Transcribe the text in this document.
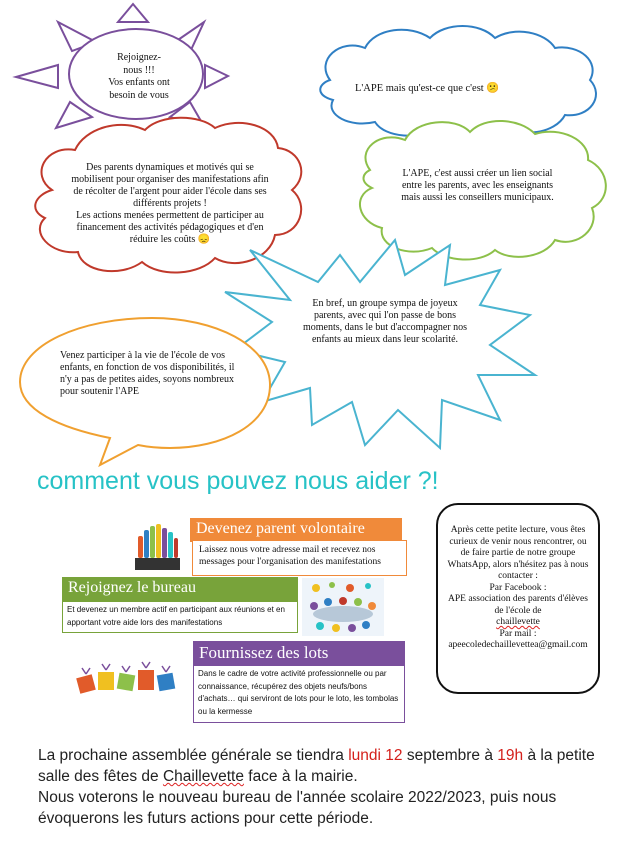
Rejoignez-
nous !!!
Vos enfants ont
besoin de vous
L'APE mais qu'est-ce que c'est 😕
Des parents dynamiques et motivés qui se mobilisent pour organiser des manifestations afin de récolter de l'argent pour aider l'école dans ses différents projets !
Les actions menées permettent de participer au financement des activités pédagogiques et d'en réduire les coûts 😞
L'APE, c'est aussi créer un lien social entre les parents, avec les enseignants mais aussi les conseillers municipaux.
En bref, un groupe sympa de joyeux parents, avec qui l'on passe de bons moments, dans le but d'accompagner nos enfants au mieux dans leur scolarité.
Venez participer à la vie de l'école de vos enfants, en fonction de vos disponibilités, il n'y a pas de petites aides, soyons nombreux pour soutenir l'APE
comment vous pouvez nous aider ?!
Devenez parent volontaire
Laissez nous votre adresse mail et recevez nos messages pour l'organisation des manifestations
Rejoignez le bureau
Et devenez un membre actif en participant aux réunions et en apportant votre aide lors des manifestations
Fournissez des lots
Dans le cadre de votre activité professionnelle ou par connaissance, récupérez des objets neufs/bons d'achats… qui serviront de lots pour le loto, les tombolas ou la kermesse
Après cette petite lecture, vous êtes curieux de venir nous rencontrer, ou de faire partie de notre groupe WhatsApp, alors n'hésitez pas à nous contacter :
Par Facebook :
APE association des parents d'élèves de l'école de
chaillevette
Par mail :
apeecoledechaillevettea@gmail.com
La prochaine assemblée générale se tiendra lundi 12 septembre à 19h à la petite salle des fêtes de Chaillevette face à la mairie.
Nous voterons le nouveau bureau de l'année scolaire 2022/2023, puis nous évoquerons les futurs actions pour cette période.
